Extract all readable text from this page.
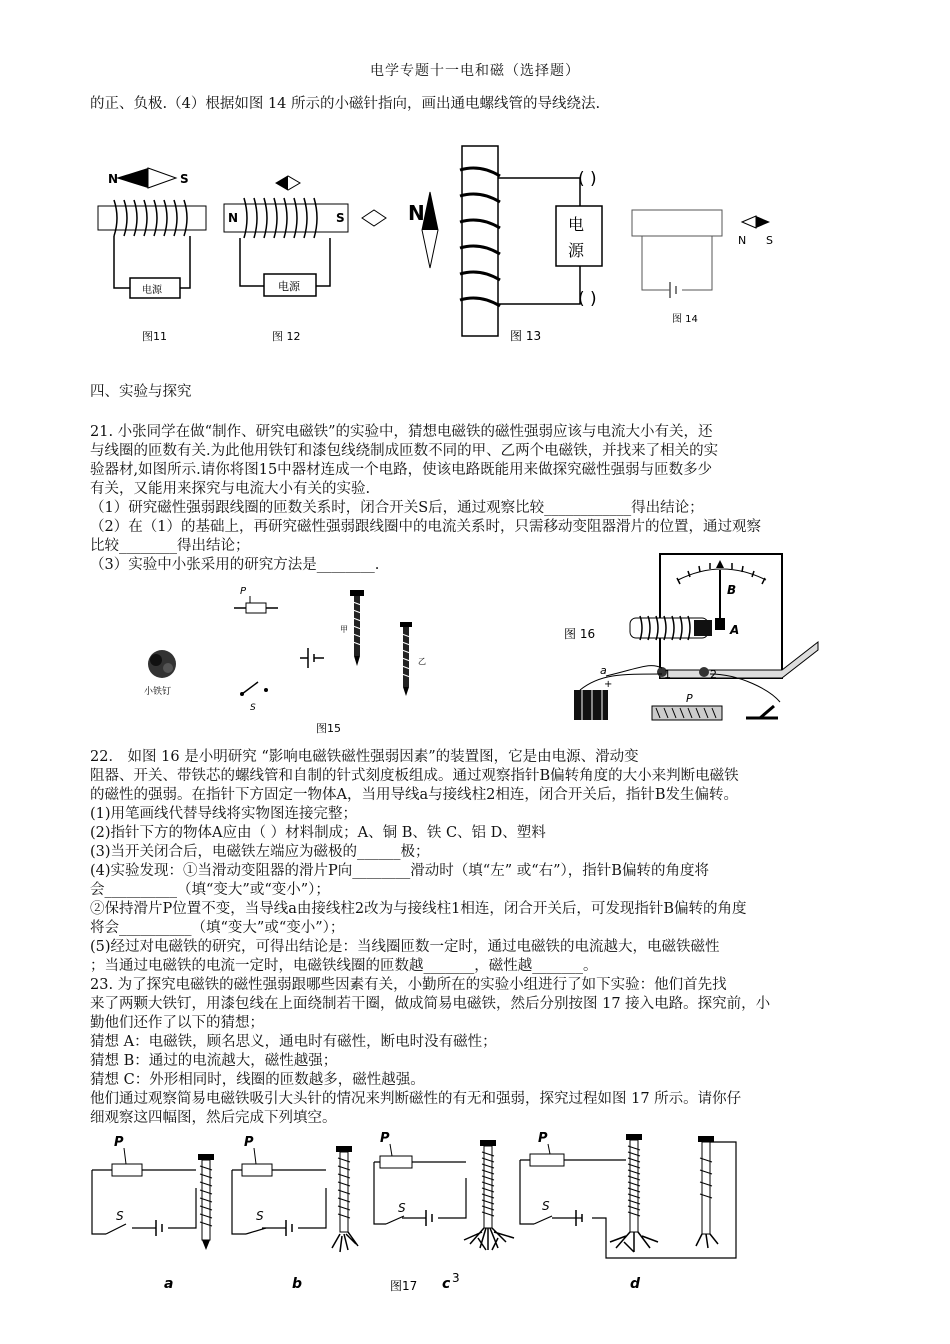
电学专题十一电和磁（选择题）
的正、负极.（4）根据如图 14 所示的小磁针指向，画出通电螺线管的导线绕法.
N	S
电源
图11
N	S
电源
图 12
N	电
源
( )
( )
图 13
N S
图 14
四、实验与探究
21. 小张同学在做“制作、研究电磁铁”的实验中，猜想电磁铁的磁性强弱应该与电流大小有关，还
与线圈的匝数有关.为此他用铁钉和漆包线绕制成匝数不同的甲、乙两个电磁铁，并找来了相关的实
验器材,如图所示.请你将图15中器材连成一个电路，使该电路既能用来做探究磁性强弱与匝数多少
有关，又能用来探究与电流大小有关的实验.
（1）研究磁性强弱跟线圈的匝数关系时，闭合开关S后，通过观察比较____________得出结论；
（2）在（1）的基础上，再研究磁性强弱跟线圈中的电流关系时，只需移动变阻器滑片的位置，通过观察
比较________得出结论；
（3）实验中小张采用的研究方法是________.
P
S
小铁钉
甲
乙
图15
图 16
B
A
1	2
a
+
P
22． 如图 16 是小明研究 “影响电磁铁磁性强弱因素”的装置图，它是由电源、滑动变
阻器、开关、带铁芯的螺线管和自制的针式刻度板组成。通过观察指针B偏转角度的大小来判断电磁铁
的磁性的强弱。在指针下方固定一物体A，当用导线a与接线柱2相连，闭合开关后，指针B发生偏转。
(1)用笔画线代替导线将实物图连接完整；
(2)指针下方的物体A应由（ ）材料制成；A、铜 B、铁 C、铝 D、塑料
(3)当开关闭合后，电磁铁左端应为磁极的______极；
(4)实验发现：①当滑动变阻器的滑片P向________滑动时（填“左” 或“右”），指针B偏转的角度将
会__________（填“变大”或“变小”）；
②保持滑片P位置不变，当导线a由接线柱2改为与接线柱1相连，闭合开关后，可发现指针B偏转的角度
将会__________（填“变大”或“变小”）；
(5)经过对电磁铁的研究，可得出结论是：当线圈匝数一定时，通过电磁铁的电流越大，电磁铁磁性
；当通过电磁铁的电流一定时，电磁铁线圈的匝数越_______，磁性越_______。
23. 为了探究电磁铁的磁性强弱跟哪些因素有关，小勤所在的实验小组进行了如下实验：他们首先找
来了两颗大铁钉，用漆包线在上面绕制若干圈，做成简易电磁铁，然后分别按图 17 接入电路。探究前，小
勤他们还作了以下的猜想；
猜想 A：电磁铁，顾名思义，通电时有磁性，断电时没有磁性；
猜想 B：通过的电流越大，磁性越强；
猜想 C：外形相同时，线圈的匝数越多，磁性越强。
他们通过观察简易电磁铁吸引大头针的情况来判断磁性的有无和强弱，探究过程如图 17 所示。请你仔
细观察这四幅图，然后完成下列填空。
P
S
a
P
S
b
P
S
c 3
图17
P
S
d
